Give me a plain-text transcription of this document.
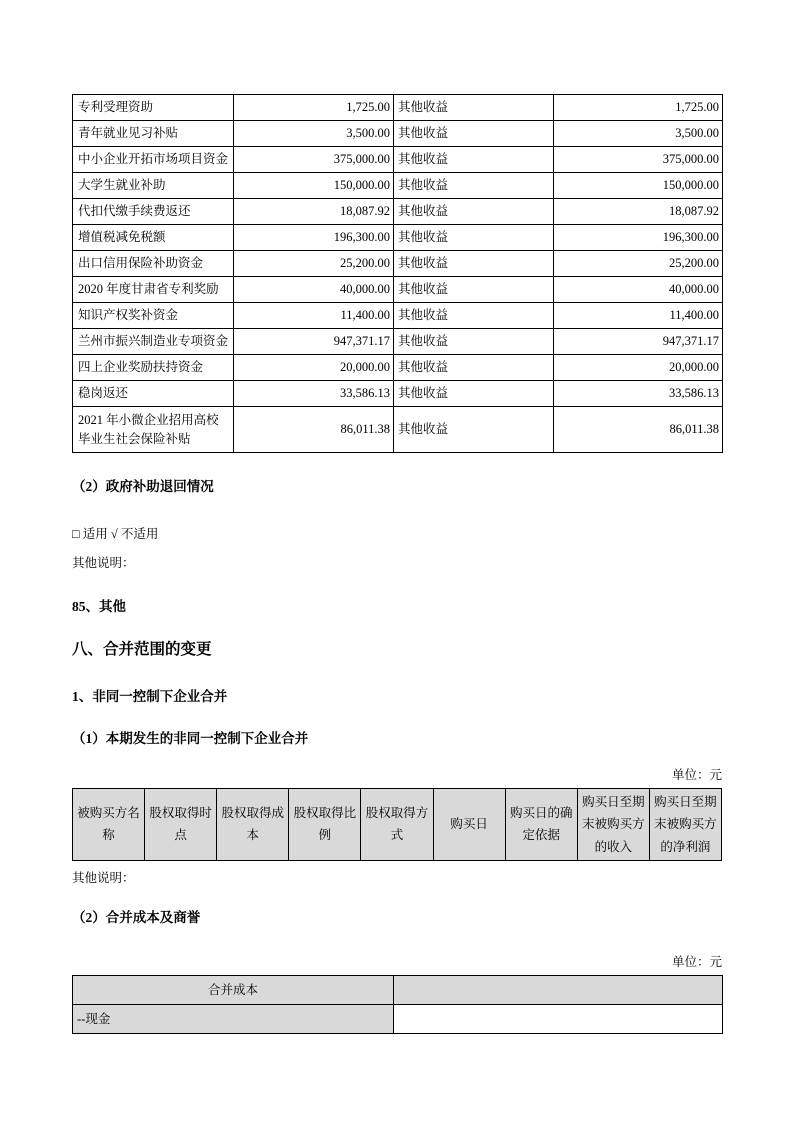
专利受理资助	1,725.00	其他收益	1,725.00
青年就业见习补贴	3,500.00	其他收益	3,500.00
中小企业开拓市场项目资金	375,000.00	其他收益	375,000.00
大学生就业补助	150,000.00	其他收益	150,000.00
代扣代缴手续费返还	18,087.92	其他收益	18,087.92
增值税减免税额	196,300.00	其他收益	196,300.00
出口信用保险补助资金	25,200.00	其他收益	25,200.00
2020 年度甘肃省专利奖励	40,000.00	其他收益	40,000.00
知识产权奖补资金	11,400.00	其他收益	11,400.00
兰州市振兴制造业专项资金	947,371.17	其他收益	947,371.17
四上企业奖励扶持资金	20,000.00	其他收益	20,000.00
稳岗返还	33,586.13	其他收益	33,586.13
2021 年小微企业招用高校毕业生社会保险补贴	86,011.38	其他收益	86,011.38

（2）政府补助退回情况

□ 适用 √ 不适用

其他说明：

85、其他

八、合并范围的变更

1、非同一控制下企业合并

（1）本期发生的非同一控制下企业合并

单位：元

被购买方名称	股权取得时点	股权取得成本	股权取得比例	股权取得方式	购买日	购买日的确定依据	购买日至期末被购买方的收入	购买日至期末被购买方的净利润

其他说明：

（2）合并成本及商誉

单位：元

合并成本	
--现金	
